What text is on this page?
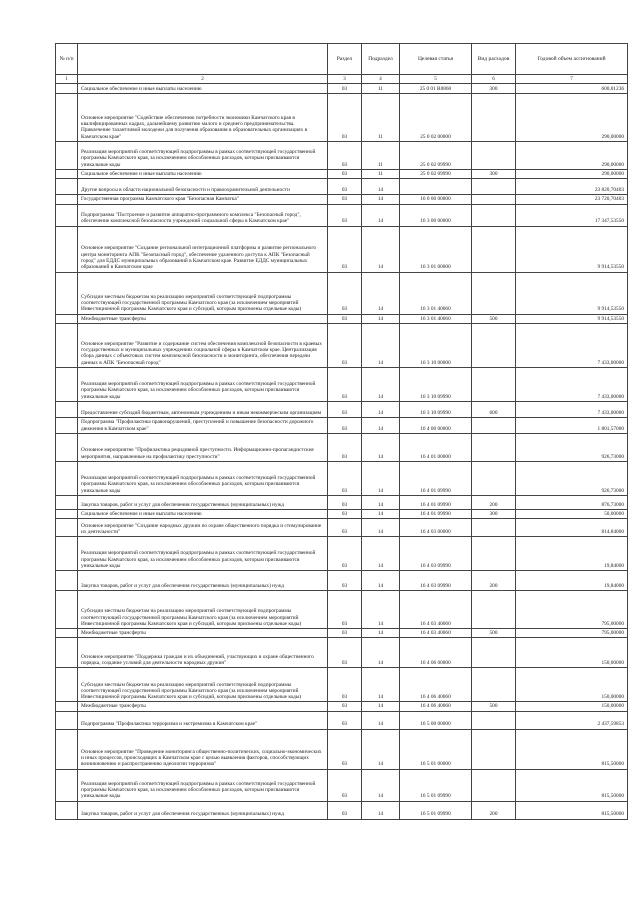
№ п/п		Раздел	Подраздел	Целевая статья	Вид расходов	Годовой объем ассигнований
1	2	3	4	5	6	7
	Социальное обеспечение и иные выплаты населению	03	11	25 0 01 R0860	300	600,01236
	Основное мероприятие "Содействие обеспечению потребности экономики Камчатского края в квалифицированных кадрах, дальнейшему развитию малого и среднего предпринимательства. Привлечение талантливой молодежи для получения образования в образовательных организациях в Камчатском крае"	03	11	25 0 02 00000		290,00000
	Реализация мероприятий соответствующей подпрограммы в рамках соответствующей государственной программы Камчатского края, за исключением обособленных расходов, которым присваиваются уникальные коды	03	11	25 0 02 09990		290,00000
	Социальное обеспечение и иные выплаты населению	03	11	25 0 02 09990	300	290,00000
	Другие вопросы в области национальной безопасности и правоохранительной деятельности	03	14			23 820,70403
	Государственная программа Камчатского края "Безопасная Камчатка"	03	14	16 0 00 00000		23 720,70403
	Подпрограмма "Построение и развитие аппаратно-программного комплекса "Безопасный город", обеспечение комплексной безопасности учреждений социальной сферы в Камчатском крае"	03	14	16 3 00 00000		17 347,53550
	Основное мероприятие "Создание региональной интеграционной платформы и развитие регионального центра мониторинга АПК "Безопасный город", обеспечение удаленного доступа к АПК "Безопасный город" для ЕДДС муниципальных образований в Камчатском крае. Развитие ЕДДС муниципальных образований в Камчатском крае	03	14	16 3 01 00000		9 914,53550
	Субсидии местным бюджетам на реализацию мероприятий соответствующей подпрограммы соответствующей государственной программы Камчатского края (за исключением мероприятий Инвестиционной программы Камчатского края и субсидий, которым присвоены отдельные коды)	03	14	16 3 01 40060		9 914,53550
	Межбюджетные трансферты	03	14	16 3 01 40060	500	9 914,53550
	Основное мероприятие "Развитие и содержание систем обеспечения комплексной безопасности в краевых государственных и муниципальных учреждениях социальной сферы в Камчатском крае. Централизация сбора данных с объектовых систем комплексной безопасности и мониторинга, обеспечения передачи данных в АПК "Безопасный город"	03	14	16 3 10 00000		7 433,00000
	Реализация мероприятий соответствующей подпрограммы в рамках соответствующей государственной программы Камчатского края, за исключением обособленных расходов, которым присваиваются уникальные коды	03	14	16 3 10 09990		7 433,00000
	Предоставление субсидий бюджетным, автономным учреждениям и иным некоммерческим организациям	03	14	16 3 10 09990	600	7 433,00000
	Подпрограмма "Профилактика правонарушений, преступлений и повышение безопасности дорожного движения в Камчатском крае"	03	14	16 4 00 00000		1 801,57000
	Основное мероприятие "Профилактика рецидивной преступности. Информационно-пропагандистские мероприятия, направленные на профилактику преступности"	03	14	16 4 01 00000		926,73000
	Реализация мероприятий соответствующей подпрограммы в рамках соответствующей государственной программы Камчатского края, за исключением обособленных расходов, которым присваиваются уникальные коды	03	14	16 4 01 09990		926,73000
	Закупка товаров, работ и услуг для обеспечения государственных (муниципальных) нужд	03	14	16 4 01 09990	200	876,73000
	Социальное обеспечение и иные выплаты населению	03	14	16 4 01 09990	300	50,00000
	Основное мероприятие "Создание народных дружин по охране общественного порядка и стимулирование их деятельности"	03	14	16 4 03 00000		814,84000
	Реализация мероприятий соответствующей подпрограммы в рамках соответствующей государственной программы Камчатского края, за исключением обособленных расходов, которым присваиваются уникальные коды	03	14	16 4 03 09990		19,84000
	Закупка товаров, работ и услуг для обеспечения государственных (муниципальных) нужд	03	14	16 4 03 09990	200	19,84000
	Субсидии местным бюджетам на реализацию мероприятий соответствующей подпрограммы соответствующей государственной программы Камчатского края (за исключением мероприятий Инвестиционной программы Камчатского края и субсидий, которым присвоены отдельные коды)	03	14	16 4 03 40060		795,00000
	Межбюджетные трансферты	03	14	16 4 03 40060	500	795,00000
	Основное мероприятие "Поддержка граждан и их объединений, участвующих в охране общественного порядка, создание условий для деятельности народных дружин"	03	14	16 4 06 00000		150,00000
	Субсидии местным бюджетам на реализацию мероприятий соответствующей подпрограммы соответствующей государственной программы Камчатского края (за исключением мероприятий Инвестиционной программы Камчатского края и субсидий, которым присвоены отдельные коды)	03	14	16 4 06 40060		150,00000
	Межбюджетные трансферты	03	14	16 4 06 40060	500	150,00000
	Подпрограмма "Профилактика терроризма и экстремизма в Камчатском крае"	03	14	16 5 00 00000		2 437,59853
	Основное мероприятие "Проведение мониторинга общественно-политических, социально-экономических и иных процессов, происходящих в Камчатском крае с целью выявления факторов, способствующих возникновению и распространению идеологии терроризма"	03	14	16 5 01 00000		815,50000
	Реализация мероприятий соответствующей подпрограммы в рамках соответствующей государственной программы Камчатского края, за исключением обособленных расходов, которым присваиваются уникальные коды	03	14	16 5 01 09990		815,50000
	Закупка товаров, работ и услуг для обеспечения государственных (муниципальных) нужд	03	14	16 5 01 09990	200	815,50000
